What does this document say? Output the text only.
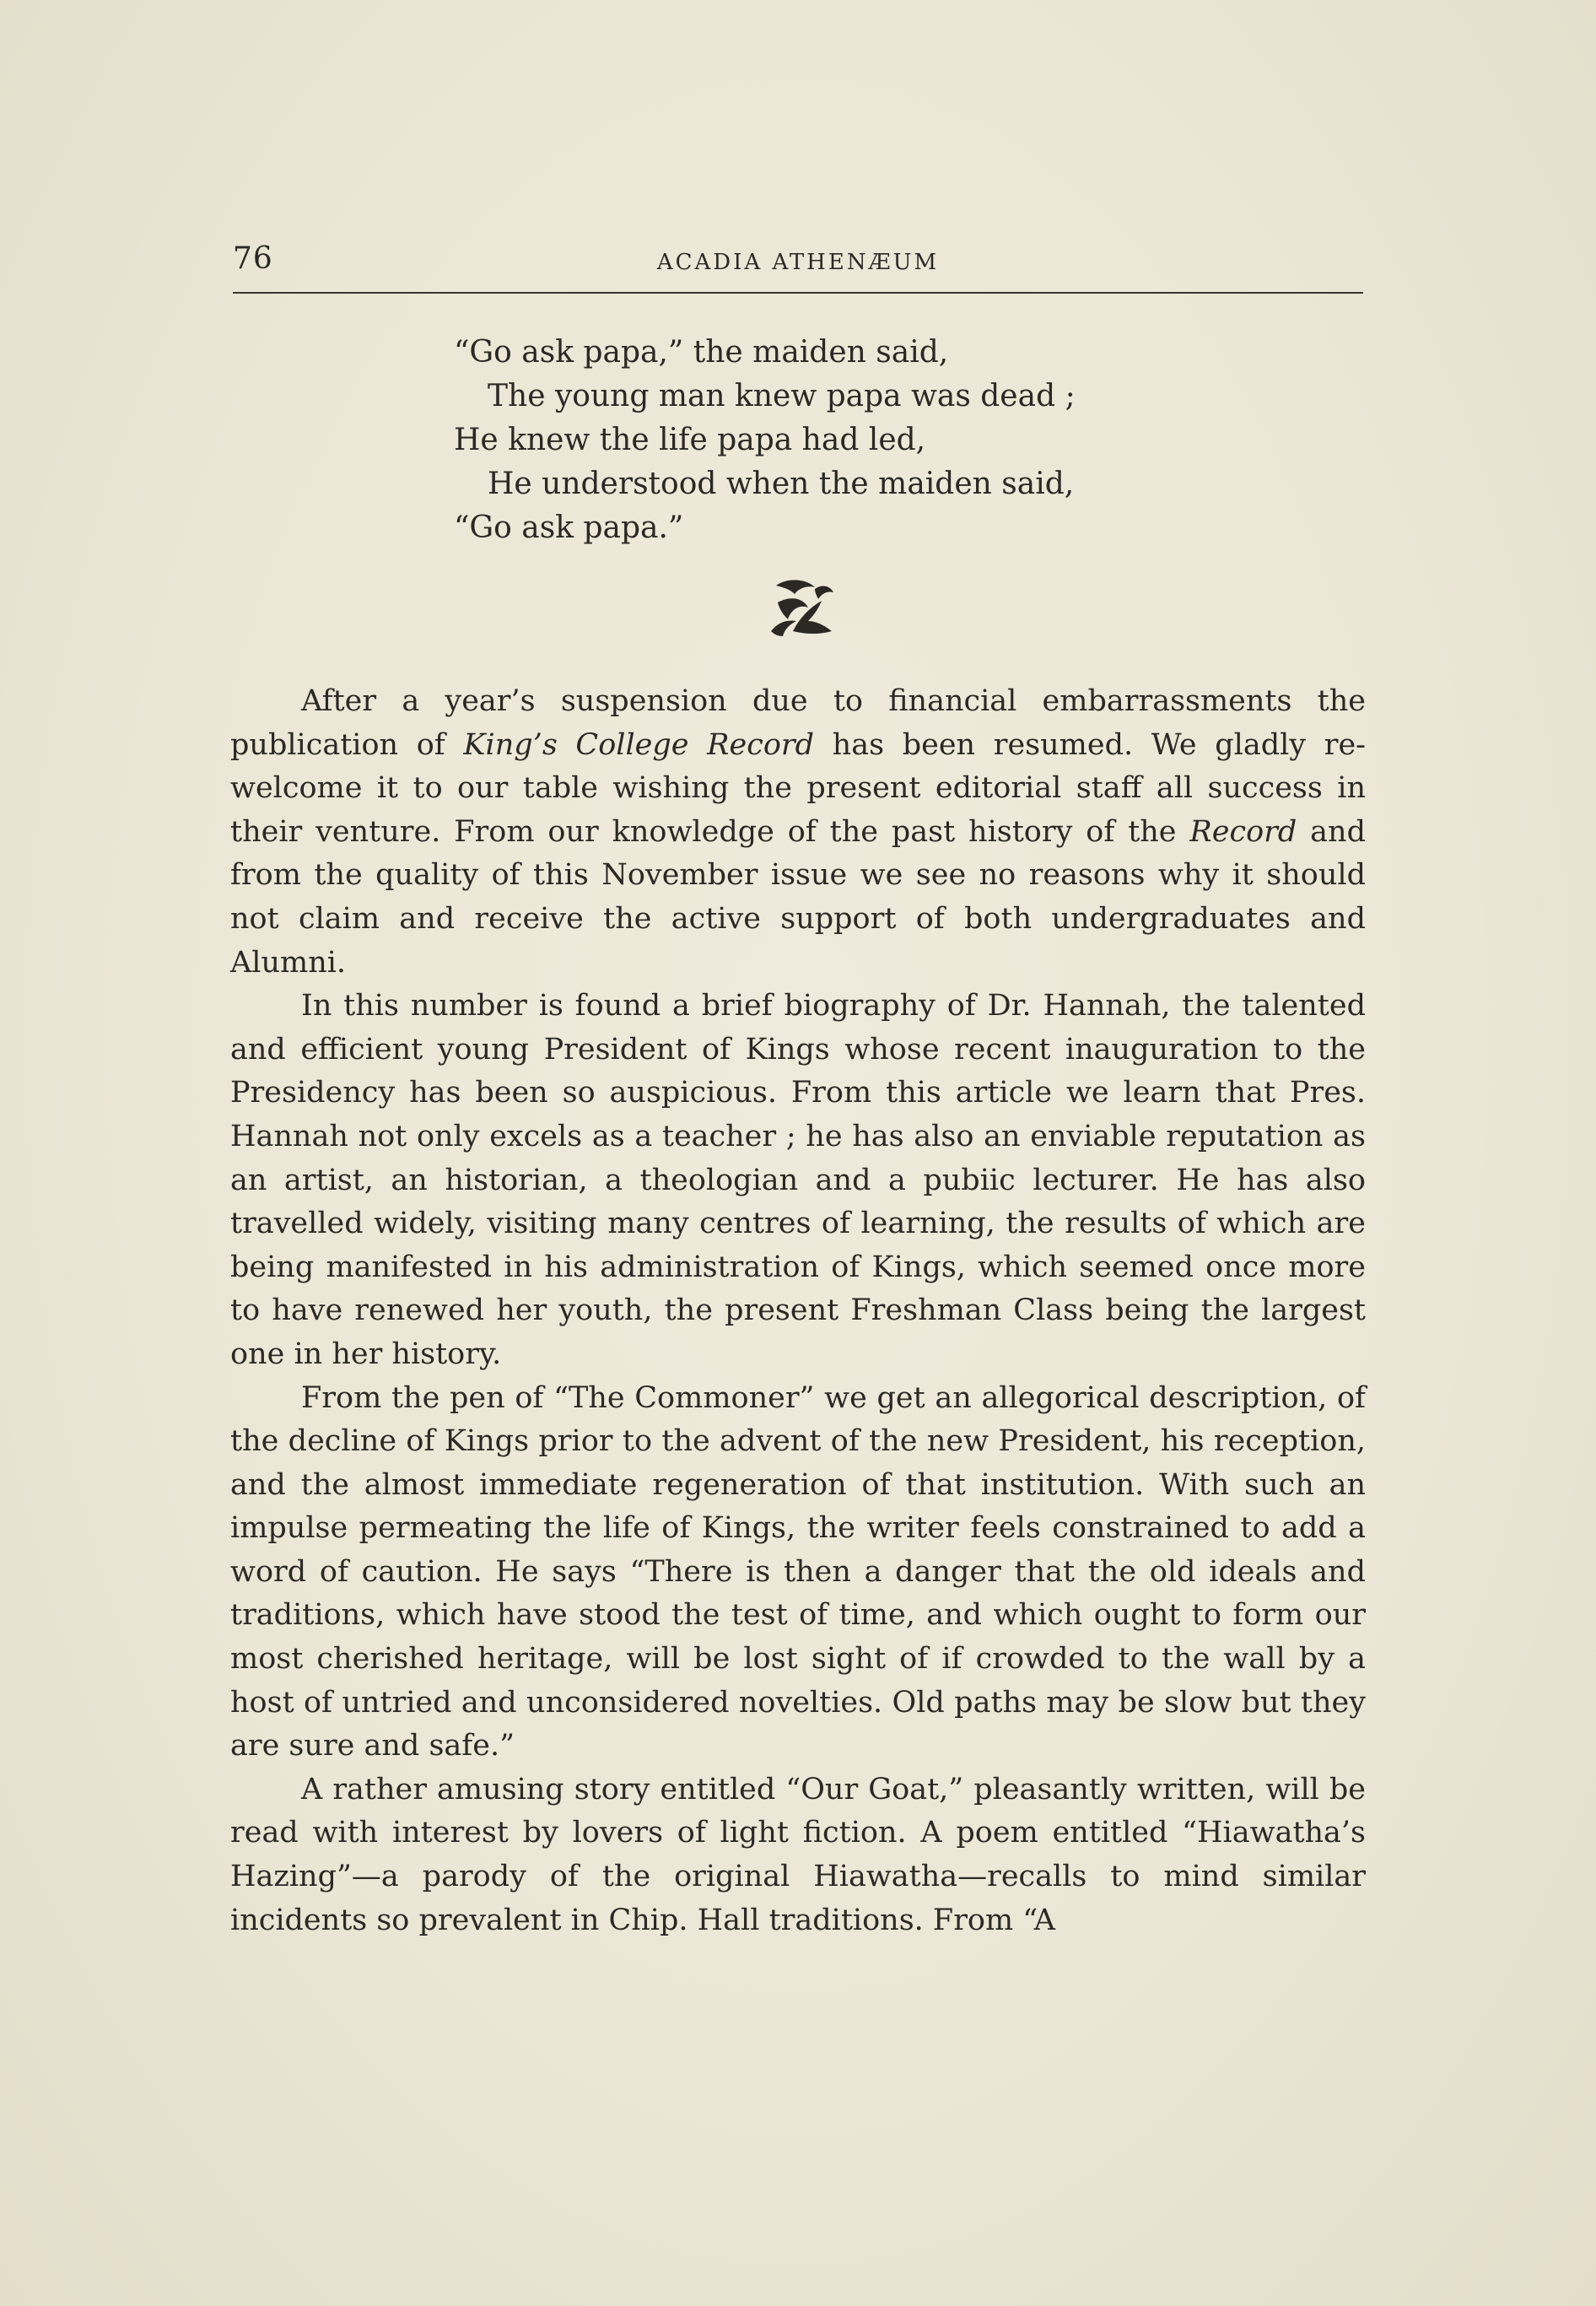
76	ACADIA ATHENÆUM
“Go ask papa,” the maiden said,
The young man knew papa was dead ;
He knew the life papa had led,
He understood when the maiden said,
“Go ask papa.”

After a year’s suspension due to financial embarrassments the publication of King’s College Record has been resumed. We gladly re-welcome it to our table wishing the present editorial staff all success in their venture. From our knowledge of the past history of the Record and from the quality of this November issue we see no reasons why it should not claim and receive the active support of both undergraduates and Alumni.

In this number is found a brief biography of Dr. Hannah, the talented and efficient young President of Kings whose recent inauguration to the Presidency has been so auspicious. From this article we learn that Pres. Hannah not only excels as a teacher ; he has also an enviable reputation as an artist, an historian, a theologian and a pubiic lecturer. He has also travelled widely, visiting many centres of learning, the results of which are being manifested in his administration of Kings, which seemed once more to have renewed her youth, the present Freshman Class being the largest one in her history.

From the pen of “The Commoner” we get an allegorical description, of the decline of Kings prior to the advent of the new President, his reception, and the almost immediate regeneration of that institution. With such an impulse permeating the life of Kings, the writer feels constrained to add a word of caution. He says “There is then a danger that the old ideals and traditions, which have stood the test of time, and which ought to form our most cherished heritage, will be lost sight of if crowded to the wall by a host of untried and unconsidered novelties. Old paths may be slow but they are sure and safe.”

A rather amusing story entitled “Our Goat,” pleasantly written, will be read with interest by lovers of light fiction. A poem entitled “Hiawatha’s Hazing”—a parody of the original Hiawatha—recalls to mind similar incidents so prevalent in Chip. Hall traditions. From “A
